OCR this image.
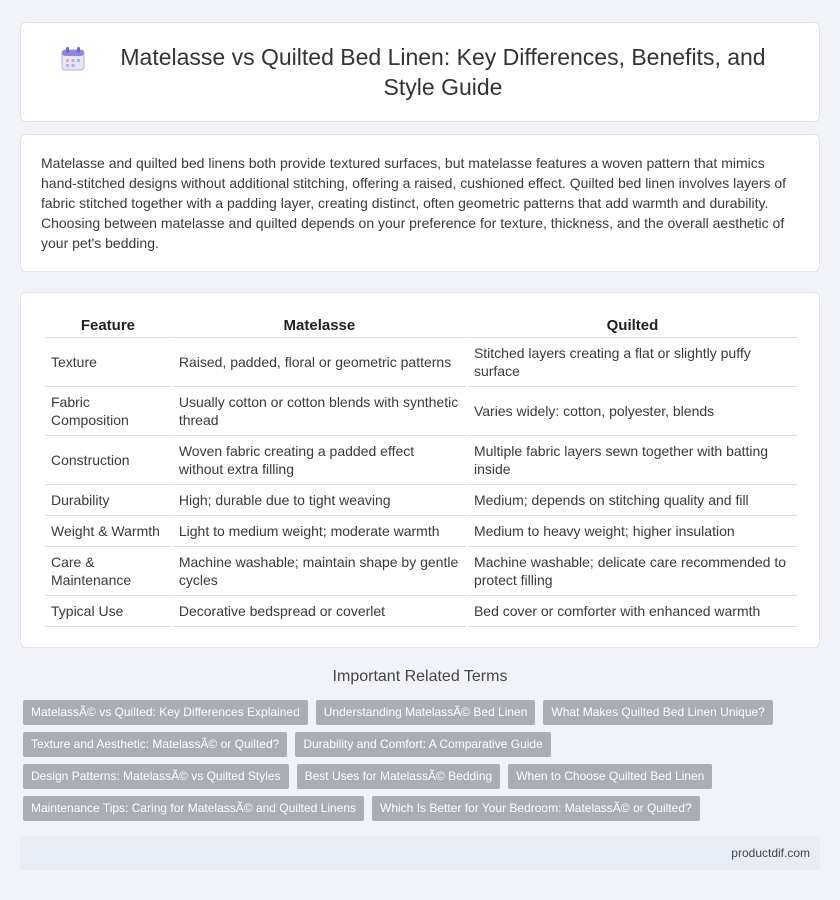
Matelasse vs Quilted Bed Linen: Key Differences, Benefits, and Style Guide

Matelasse and quilted bed linens both provide textured surfaces, but matelasse features a woven pattern that mimics hand-stitched designs without additional stitching, offering a raised, cushioned effect. Quilted bed linen involves layers of fabric stitched together with a padding layer, creating distinct, often geometric patterns that add warmth and durability. Choosing between matelasse and quilted depends on your preference for texture, thickness, and the overall aesthetic of your pet's bedding.

Feature	Matelasse	Quilted
Texture	Raised, padded, floral or geometric patterns	Stitched layers creating a flat or slightly puffy surface
Fabric Composition	Usually cotton or cotton blends with synthetic thread	Varies widely: cotton, polyester, blends
Construction	Woven fabric creating a padded effect without extra filling	Multiple fabric layers sewn together with batting inside
Durability	High; durable due to tight weaving	Medium; depends on stitching quality and fill
Weight & Warmth	Light to medium weight; moderate warmth	Medium to heavy weight; higher insulation
Care & Maintenance	Machine washable; maintain shape by gentle cycles	Machine washable; delicate care recommended to protect filling
Typical Use	Decorative bedspread or coverlet	Bed cover or comforter with enhanced warmth
Important Related Terms
MatelassÃ© vs Quilted: Key Differences Explained	Understanding MatelassÃ© Bed Linen	What Makes Quilted Bed Linen Unique?
Texture and Aesthetic: MatelassÃ© or Quilted?	Durability and Comfort: A Comparative Guide
Design Patterns: MatelassÃ© vs Quilted Styles	Best Uses for MatelassÃ© Bedding	When to Choose Quilted Bed Linen
Maintenance Tips: Caring for MatelassÃ© and Quilted Linens	Which Is Better for Your Bedroom: MatelassÃ© or Quilted?
productdif.com
